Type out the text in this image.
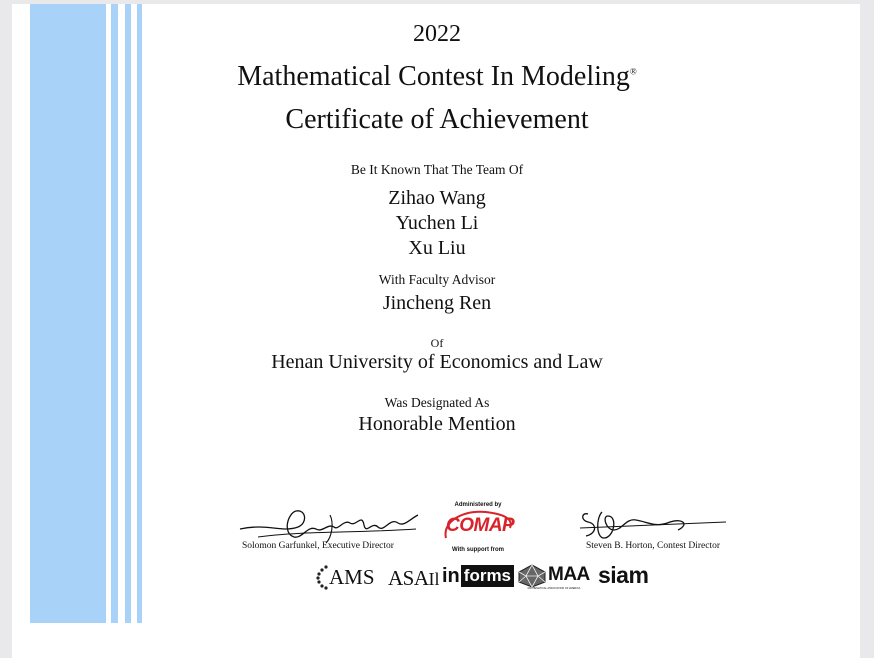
2022
Mathematical Contest In Modeling®
Certificate of Achievement
Be It Known That The Team Of
Zihao Wang
Yuchen Li
Xu Liu
With Faculty Advisor
Jincheng Ren
Of
Henan University of Economics and Law
Was Designated As
Honorable Mention
Solomon Garfunkel, Executive Director	Steven B. Horton, Contest Director
Administered by
COMAP
With support from
AMS ASAIl in forms MAA
MATHEMATICAL ASSOCIATION OF AMERICA
siam
